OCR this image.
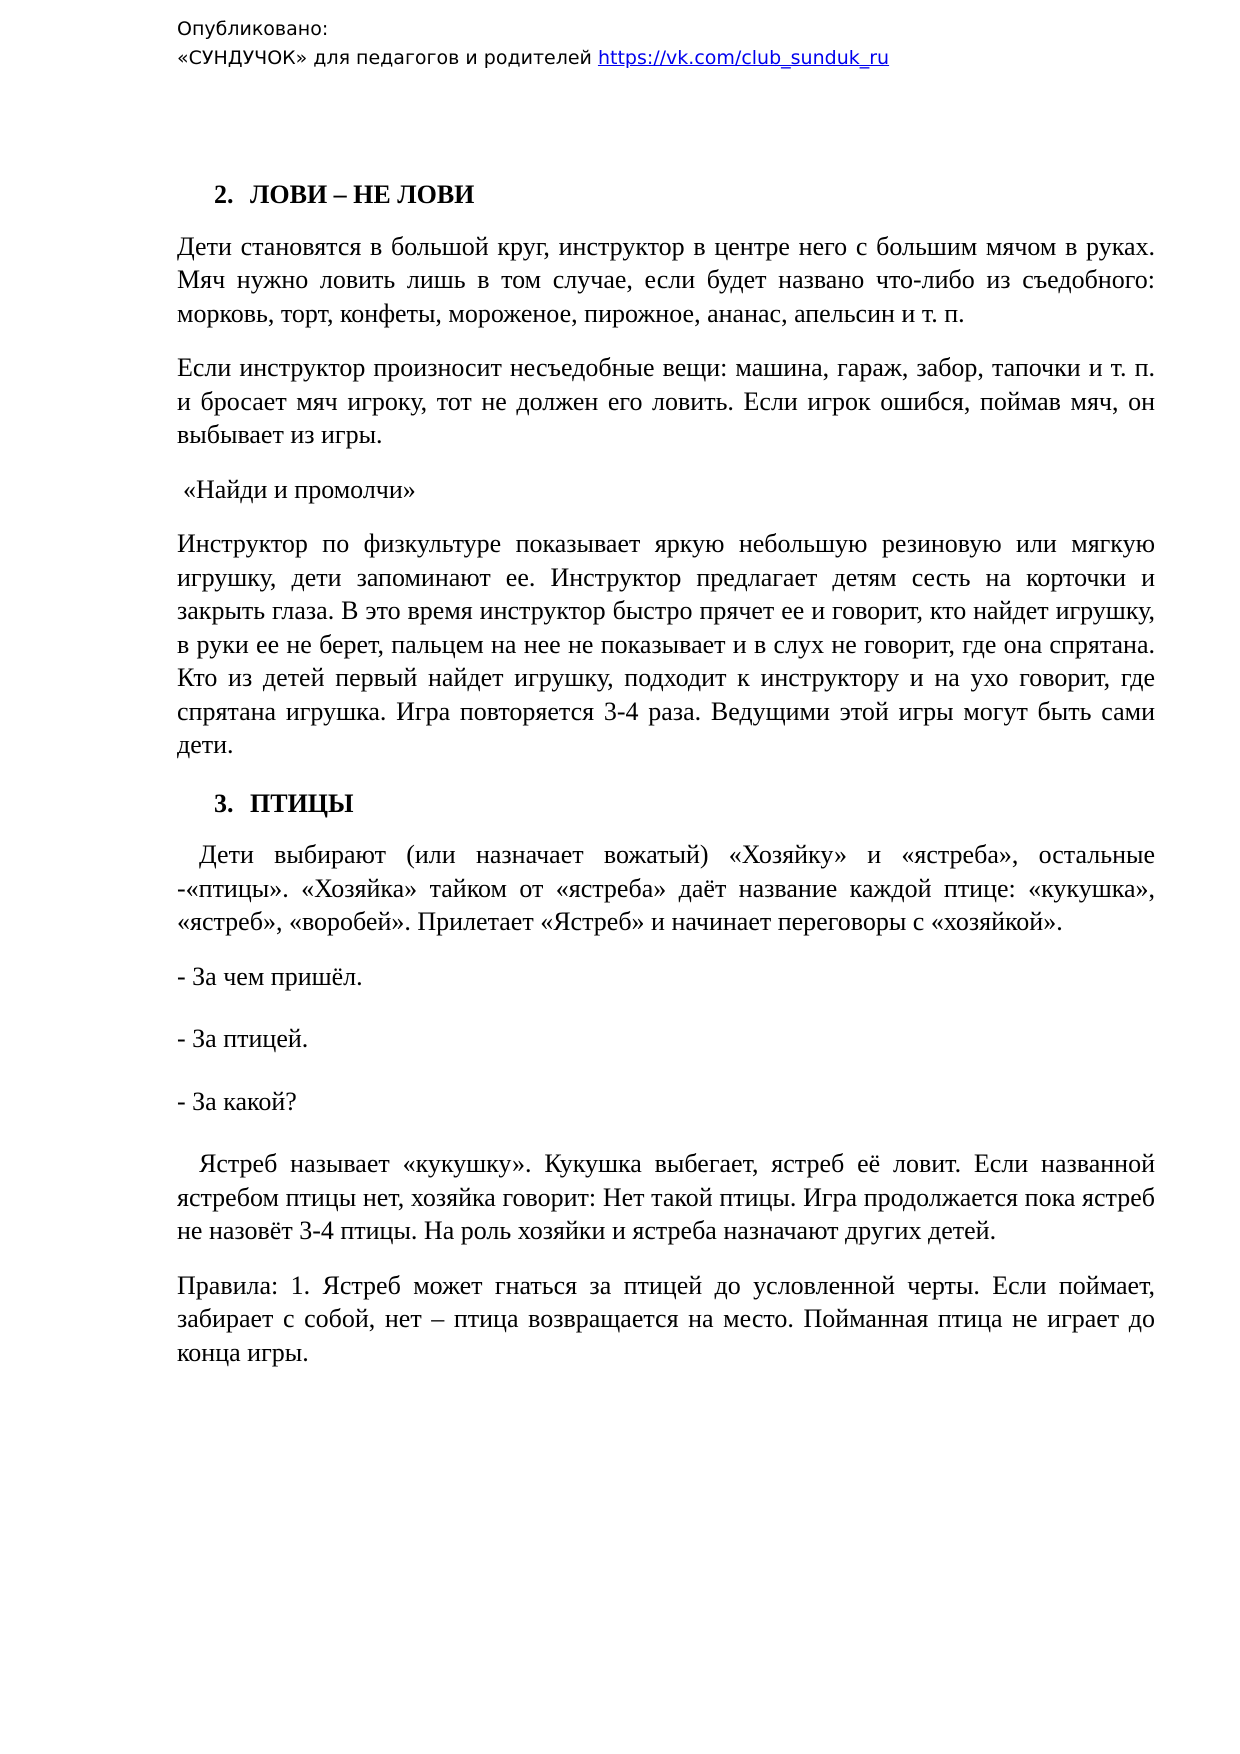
Опубликовано:
«СУНДУЧОК» для педагогов и родителей https://vk.com/club_sunduk_ru
2. ЛОВИ – НЕ ЛОВИ
Дети становятся в большой круг, инструктор в центре него с большим мячом в руках. Мяч нужно ловить лишь в том случае, если будет названо что-либо из съедобного: морковь, торт, конфеты, мороженое, пирожное, ананас, апельсин и т. п.
Если инструктор произносит несъедобные вещи: машина, гараж, забор, тапочки и т. п. и бросает мяч игроку, тот не должен его ловить. Если игрок ошибся, поймав мяч, он выбывает из игры.
«Найди и промолчи»
Инструктор по физкультуре показывает яркую небольшую резиновую или мягкую игрушку, дети запоминают ее. Инструктор предлагает детям сесть на корточки и закрыть глаза. В это время инструктор быстро прячет ее и говорит, кто найдет игрушку, в руки ее не берет, пальцем на нее не показывает и в слух не говорит, где она спрятана. Кто из детей первый найдет игрушку, подходит к инструктору и на ухо говорит, где спрятана игрушка. Игра повторяется 3-4 раза. Ведущими этой игры могут быть сами дети.
3. ПТИЦЫ
Дети выбирают (или назначает вожатый) «Хозяйку» и «ястреба», остальные -«птицы». «Хозяйка» тайком от «ястреба» даёт название каждой птице: «кукушка», «ястреб», «воробей». Прилетает «Ястреб» и начинает переговоры с «хозяйкой».
- За чем пришёл.
- За птицей.
- За какой?
Ястреб называет «кукушку». Кукушка выбегает, ястреб её ловит. Если названной ястребом птицы нет, хозяйка говорит: Нет такой птицы. Игра продолжается пока ястреб не назовёт 3-4 птицы. На роль хозяйки и ястреба назначают других детей.
Правила: 1. Ястреб может гнаться за птицей до условленной черты. Если поймает, забирает с собой, нет – птица возвращается на место. Пойманная птица не играет до конца игры.
